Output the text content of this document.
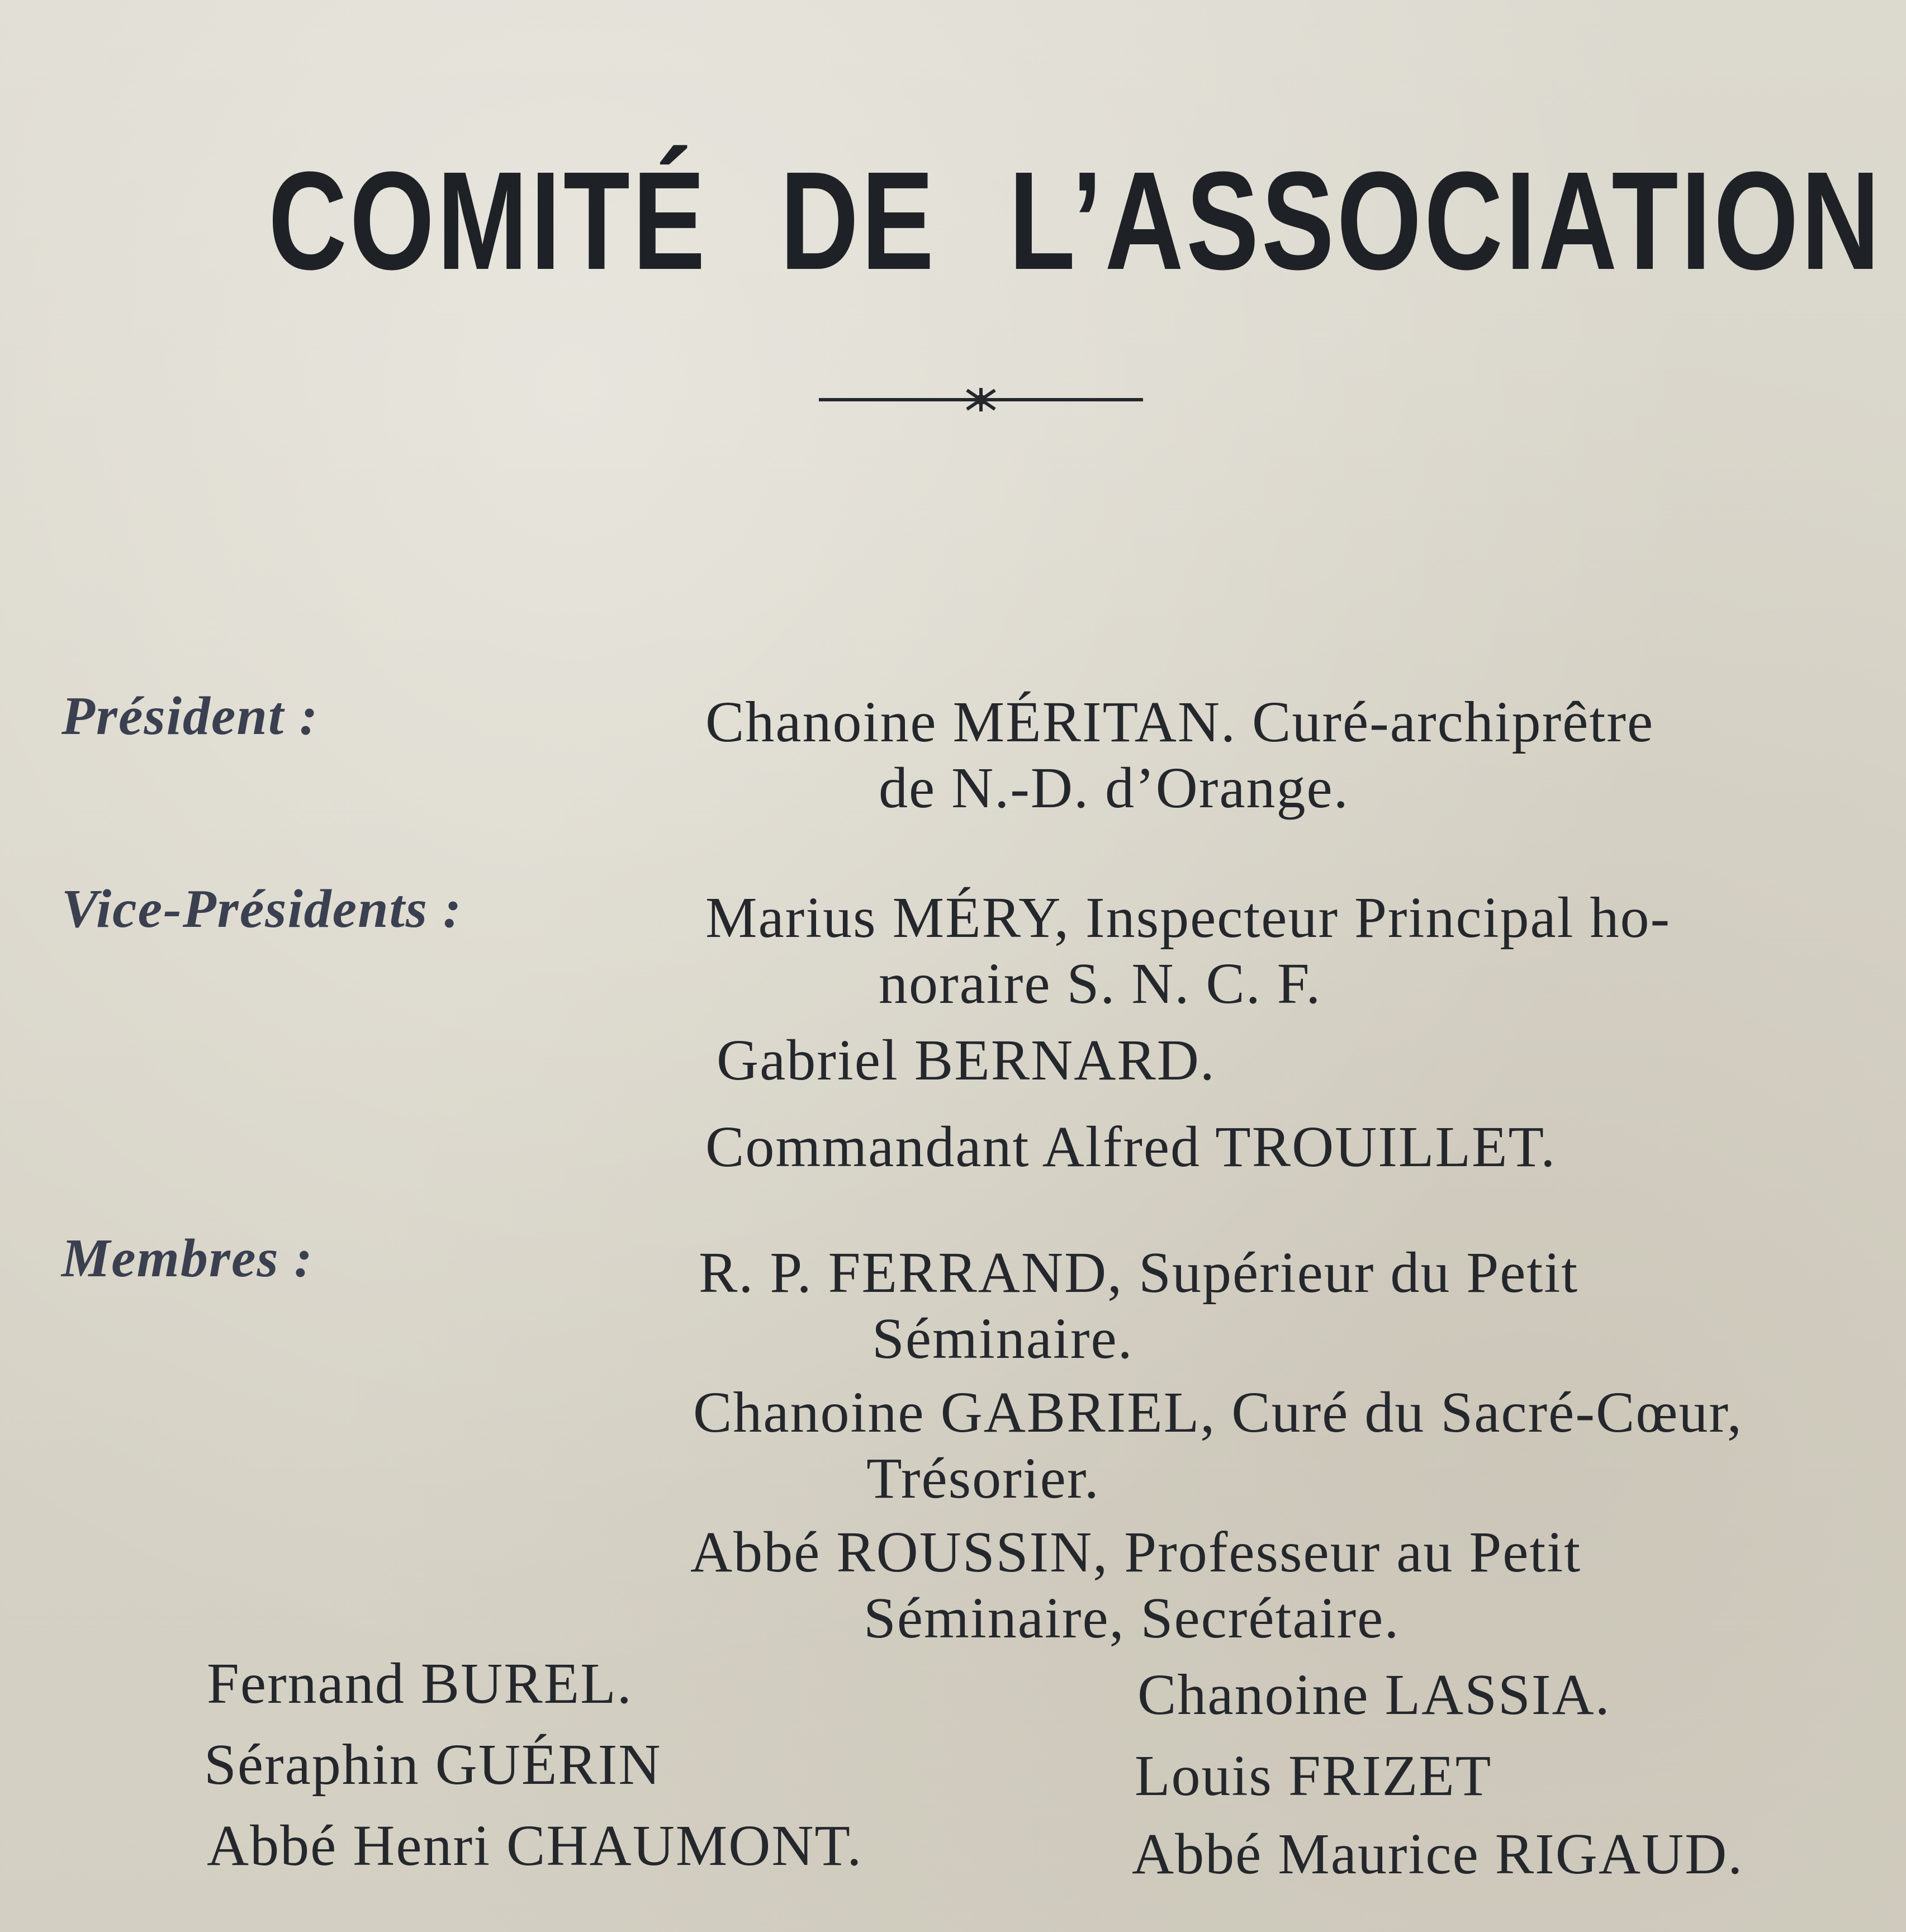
COMITÉ DE L’ASSOCIATION
Président :	Chanoine MÉRITAN. Curé-archiprêtre
de N.-D. d’Orange.
Vice-Présidents :	Marius MÉRY, Inspecteur Principal ho-
noraire S. N. C. F.
Gabriel BERNARD.
Commandant Alfred TROUILLET.
Membres :	R. P. FERRAND, Supérieur du Petit
Séminaire.
Chanoine GABRIEL, Curé du Sacré-Cœur,
Trésorier.
Abbé ROUSSIN, Professeur au Petit
Séminaire, Secrétaire.
Fernand BUREL.
Séraphin GUÉRIN
Abbé Henri CHAUMONT.
Chanoine LASSIA.
Louis FRIZET
Abbé Maurice RIGAUD.
